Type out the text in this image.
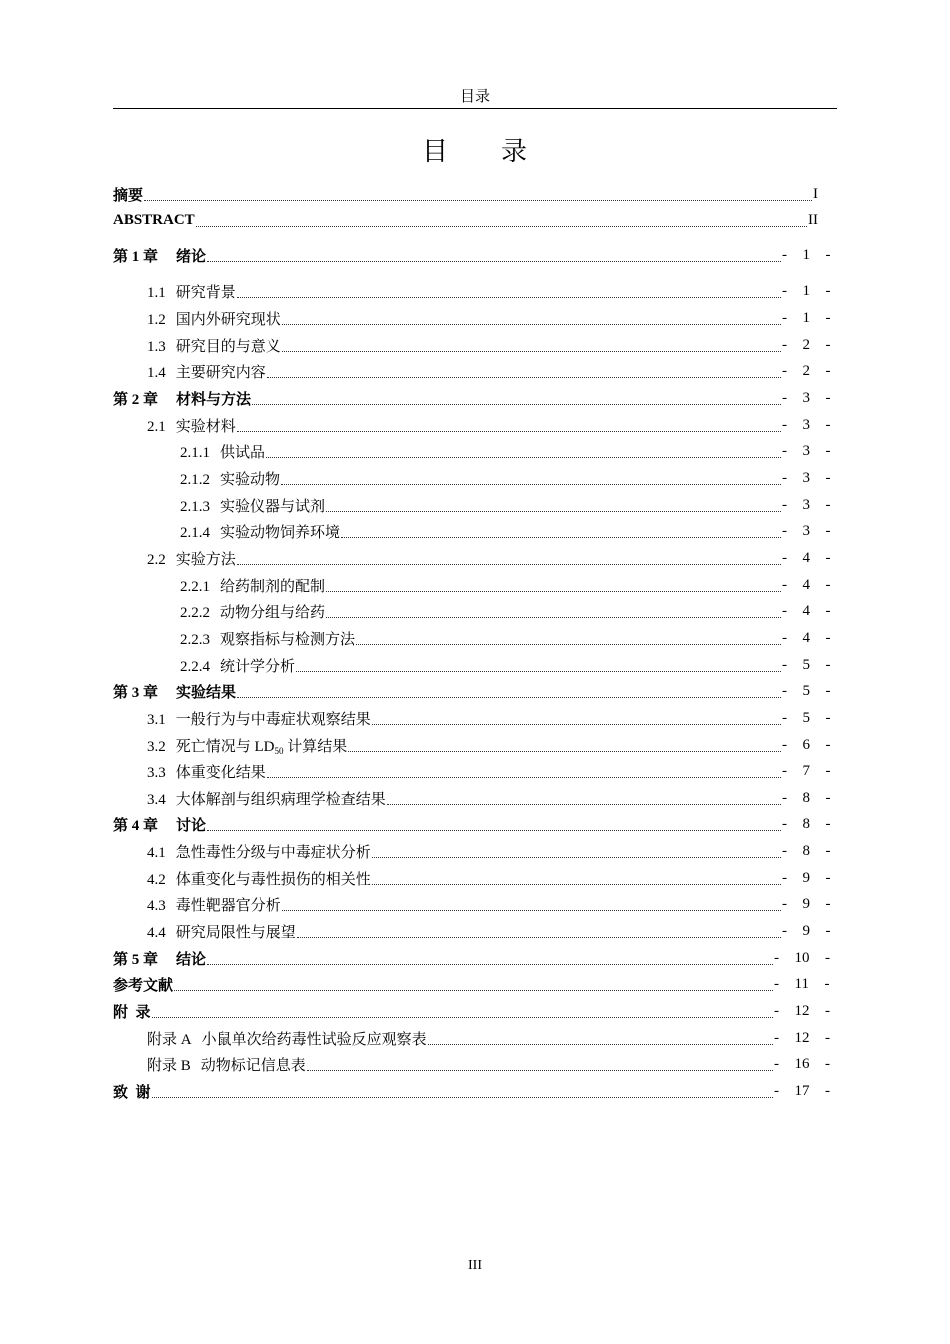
目录
目 录
摘要	I
ABSTRACT	II
第 1 章 绪论	-  1  -
1.1 研究背景	-  1  -
1.2 国内外研究现状	-  1  -
1.3 研究目的与意义	-  2  -
1.4 主要研究内容	-  2  -
第 2 章 材料与方法	-  3  -
2.1 实验材料	-  3  -
2.1.1 供试品	-  3  -
2.1.2 实验动物	-  3  -
2.1.3 实验仪器与试剂	-  3  -
2.1.4 实验动物饲养环境	-  3  -
2.2 实验方法	-  4  -
2.2.1 给药制剂的配制	-  4  -
2.2.2 动物分组与给药	-  4  -
2.2.3 观察指标与检测方法	-  4  -
2.2.4 统计学分析	-  5  -
第 3 章 实验结果	-  5  -
3.1 一般行为与中毒症状观察结果	-  5  -
3.2 死亡情况与 $LD_{50}$ 计算结果	-  6  -
3.3 体重变化结果	-  7  -
3.4 大体解剖与组织病理学检查结果	-  8  -
第 4 章 讨论	-  8  -
4.1 急性毒性分级与中毒症状分析	-  8  -
4.2 体重变化与毒性损伤的相关性	-  9  -
4.3 毒性靶器官分析	-  9  -
4.4 研究局限性与展望	-  9  -
第 5 章 结论	-  10  -
参考文献	-  11  -
附  录	-  12  -
附录 A 小鼠单次给药毒性试验反应观察表	-  12  -
附录 B 动物标记信息表	-  16  -
致  谢	-  17  -
III
